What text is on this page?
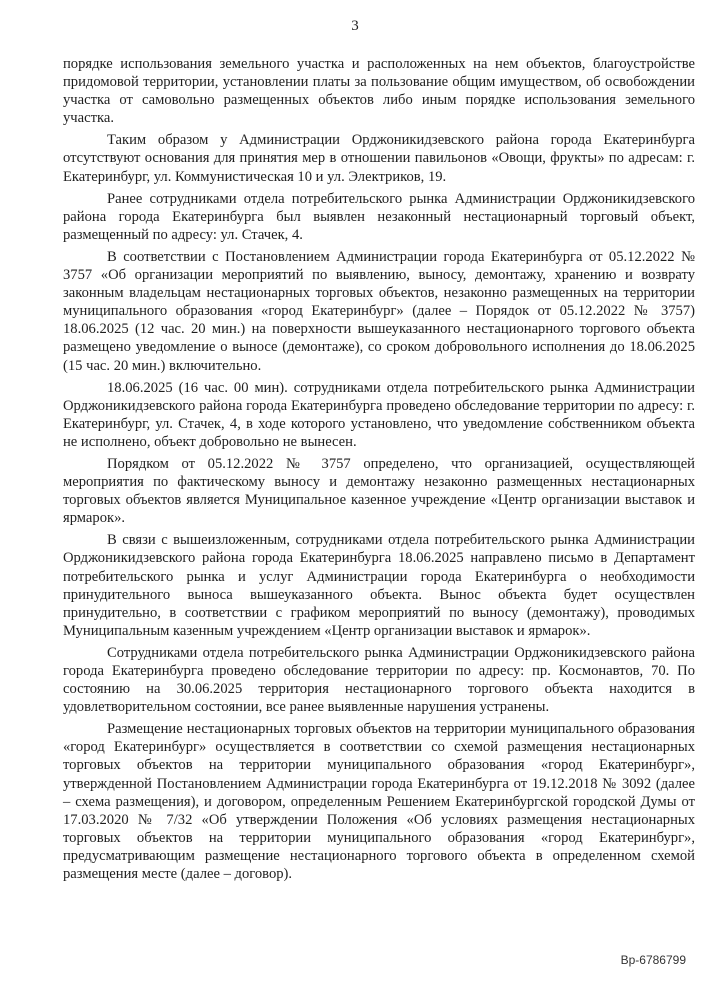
3

порядке использования земельного участка и расположенных на нем объектов, благоустройстве придомовой территории, установлении платы за пользование общим имуществом, об освобождении участка от самовольно размещенных объектов либо иным порядке использования земельного участка.

Таким образом у Администрации Орджоникидзевского района города Екатеринбурга отсутствуют основания для принятия мер в отношении павильонов «Овощи, фрукты» по адресам: г. Екатеринбург, ул. Коммунистическая 10 и ул. Электриков, 19.

Ранее сотрудниками отдела потребительского рынка Администрации Орджоникидзевского района города Екатеринбурга был выявлен незаконный нестационарный торговый объект, размещенный по адресу: ул. Стачек, 4.

В соответствии с Постановлением Администрации города Екатеринбурга от 05.12.2022 № 3757 «Об организации мероприятий по выявлению, выносу, демонтажу, хранению и возврату законным владельцам нестационарных торговых объектов, незаконно размещенных на территории муниципального образования «город Екатеринбург» (далее – Порядок от 05.12.2022 № 3757) 18.06.2025 (12 час. 20 мин.) на поверхности вышеуказанного нестационарного торгового объекта размещено уведомление о выносе (демонтаже), со сроком добровольного исполнения до 18.06.2025 (15 час. 20 мин.) включительно.

18.06.2025 (16 час. 00 мин). сотрудниками отдела потребительского рынка Администрации Орджоникидзевского района города Екатеринбурга проведено обследование территории по адресу: г. Екатеринбург, ул. Стачек, 4, в ходе которого установлено, что уведомление собственником объекта не исполнено, объект добровольно не вынесен.

Порядком от 05.12.2022 № 3757 определено, что организацией, осуществляющей мероприятия по фактическому выносу и демонтажу незаконно размещенных нестационарных торговых объектов является Муниципальное казенное учреждение «Центр организации выставок и ярмарок».

В связи с вышеизложенным, сотрудниками отдела потребительского рынка Администрации Орджоникидзевского района города Екатеринбурга 18.06.2025 направлено письмо в Департамент потребительского рынка и услуг Администрации города Екатеринбурга о необходимости принудительного выноса вышеуказанного объекта. Вынос объекта будет осуществлен принудительно, в соответствии с графиком мероприятий по выносу (демонтажу), проводимых Муниципальным казенным учреждением «Центр организации выставок и ярмарок».

Сотрудниками отдела потребительского рынка Администрации Орджоникидзевского района города Екатеринбурга проведено обследование территории по адресу: пр. Космонавтов, 70. По состоянию на 30.06.2025 территория нестационарного торгового объекта находится в удовлетворительном состоянии, все ранее выявленные нарушения устранены.

Размещение нестационарных торговых объектов на территории муниципального образования «город Екатеринбург» осуществляется в соответствии со схемой размещения нестационарных торговых объектов на территории муниципального образования «город Екатеринбург», утвержденной Постановлением Администрации города Екатеринбурга от 19.12.2018 № 3092 (далее – схема размещения), и договором, определенным Решением Екатеринбургской городской Думы от 17.03.2020 № 7/32 «Об утверждении Положения «Об условиях размещения нестационарных торговых объектов на территории муниципального образования «город Екатеринбург», предусматривающим размещение нестационарного торгового объекта в определенном схемой размещения месте (далее – договор).

Вр-6786799
